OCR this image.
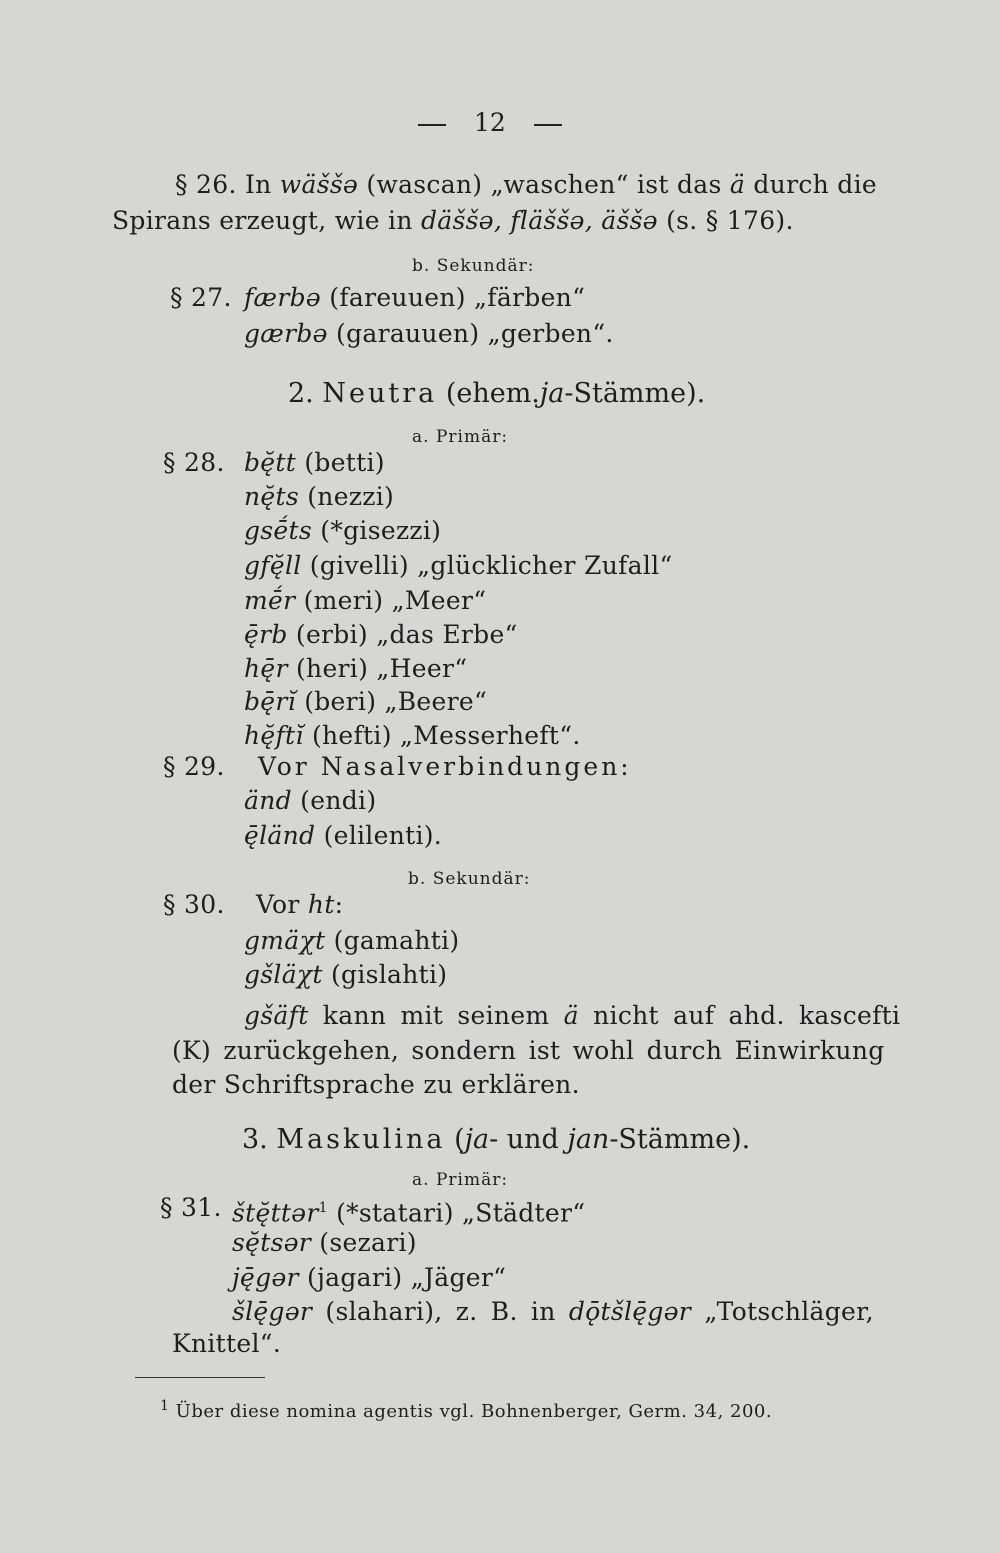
12
§ 26. In wäššə (wascan) „waschen“ ist das ä durch die
Spirans erzeugt, wie in däššə, fläššə, äššə (s. § 176).
b. Sekundär:
§ 27. færbə (fareuuen) „färben“
gærbə (garauuen) „gerben“.
2. Neutra (ehem.ja-Stämme).
a. Primär:
§ 28. bę̆tt (betti)
nę̆ts (nezzi)
gsḗts (*gisezzi)
gfę̆ll (givelli) „glücklicher Zufall“
mḗr (meri) „Meer“
ę̄rb (erbi) „das Erbe“
hę̄r (heri) „Heer“
bę̄rĭ (beri) „Beere“
hę̆ftĭ (hefti) „Messerheft“.
§ 29. Vor Nasalverbindungen:
änd (endi)
ę̄länd (elilenti).
b. Sekundär:
§ 30. Vor ht:
gmäχt (gamahti)
gšläχt (gislahti)
gšäft kann mit seinem ä nicht auf ahd. kascefti
(K) zurückgehen, sondern ist wohl durch Einwirkung
der Schriftsprache zu erklären.
3. Maskulina (ja- und jan-Stämme).
a. Primär:
§ 31. štę̆ttər$^1$ (*statari) „Städter“
sę̆tsər (sezari)
ję̄gər (jagari) „Jäger“
šlę̄gər (slahari), z. B. in dǭtšlę̄gər „Totschläger,
Knittel“.
$^1$ Über diese nomina agentis vgl. Bohnenberger, Germ. 34, 200.
